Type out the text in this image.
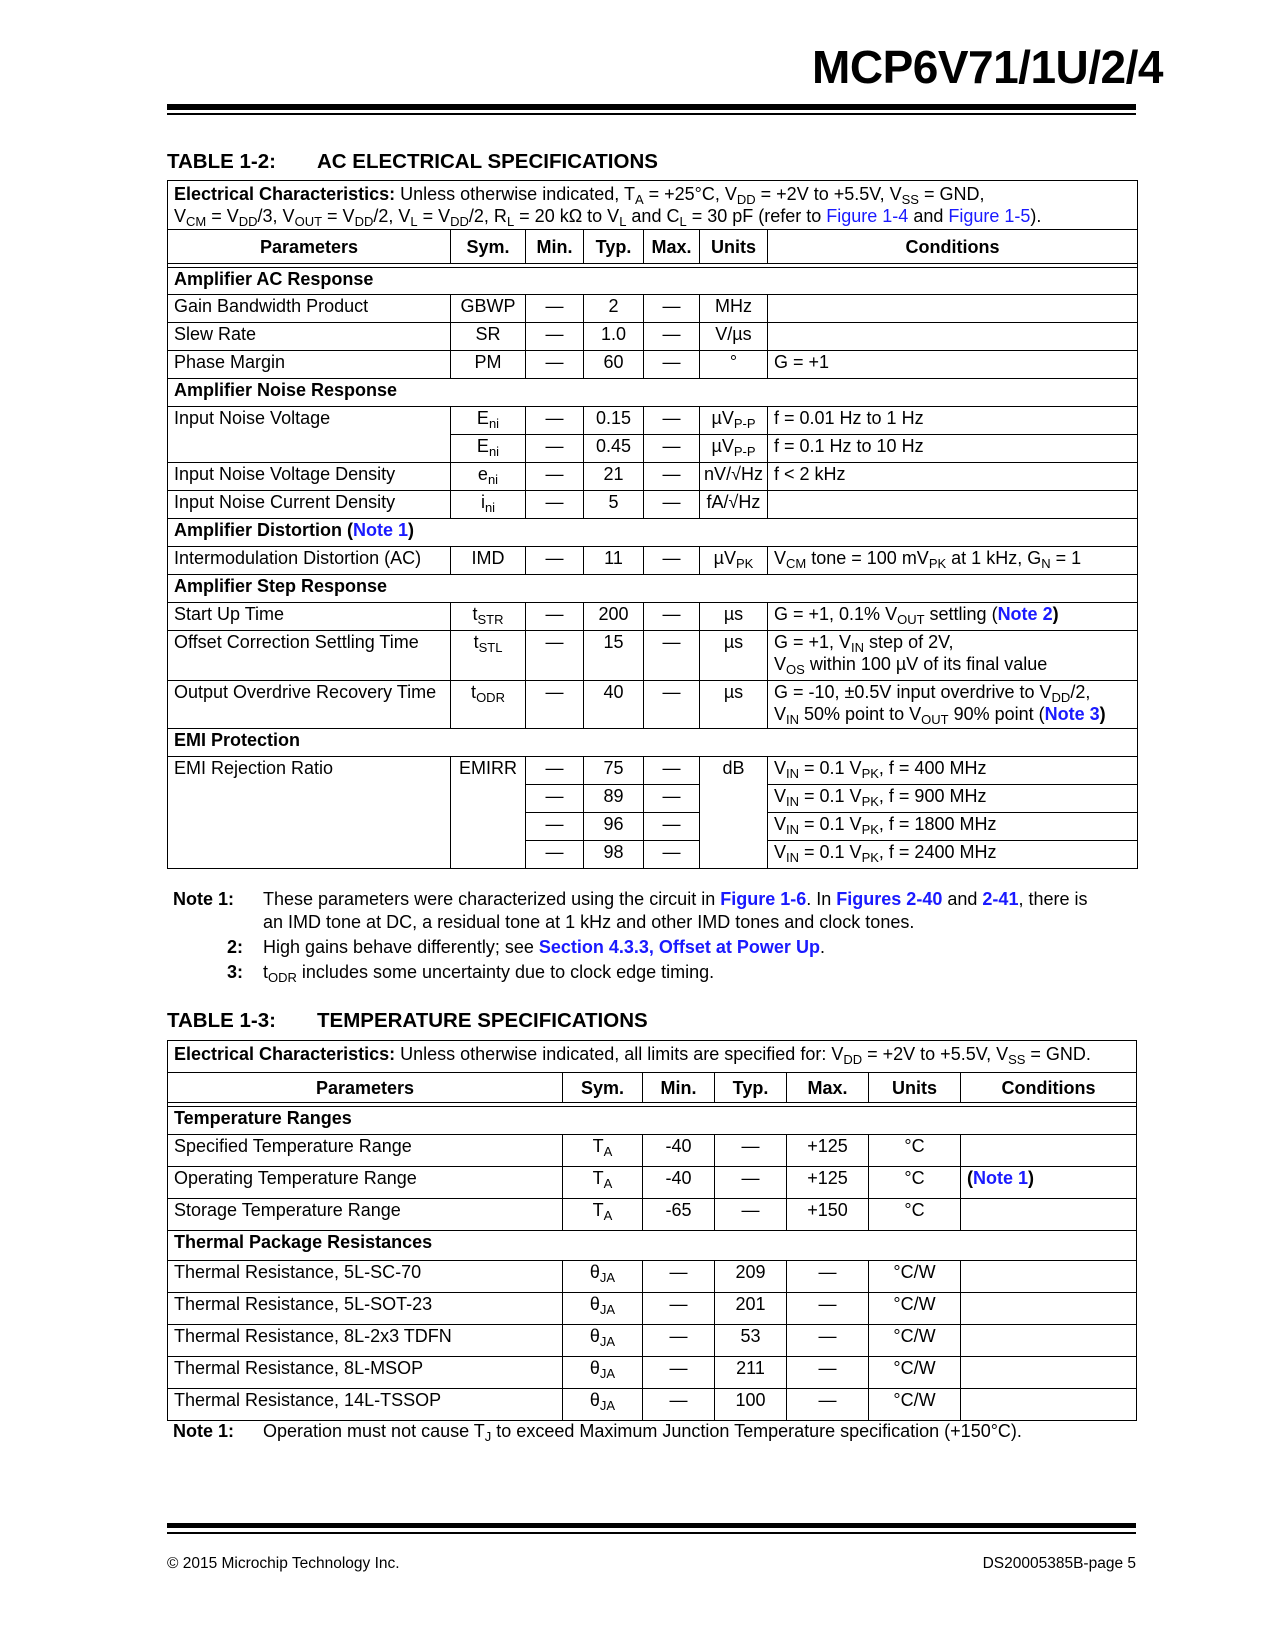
MCP6V71/1U/2/4
TABLE 1-2: AC ELECTRICAL SPECIFICATIONS
Electrical Characteristics: Unless otherwise indicated, $T_A = +25^\circ C$, $V_{DD} = +2V$ to +5.5V, $V_{SS}$ = GND,
$V_{CM} = V_{DD}/3$, $V_{OUT} = V_{DD}/2$, $V_L = V_{DD}/2$, $R_L = 20$ kΩ to $V_L$ and $C_L = 30$ pF (refer to Figure 1-4 and Figure 1-5).						
Parameters	Sym.	Min.	Typ.	Max.	Units	Conditions

Amplifier AC Response						
Gain Bandwidth Product	GBWP	—	2	—	MHz	
Slew Rate	SR	—	1.0	—	V/µs	
Phase Margin	PM	—	60	—	°	G = +1
Amplifier Noise Response						
Input Noise Voltage	$E_{ni}$	—	0.15	—	µV$_{P-P}$	f = 0.01 Hz to 1 Hz
	$E_{ni}$	—	0.45	—	µV$_{P-P}$	f = 0.1 Hz to 10 Hz
Input Noise Voltage Density	$e_{ni}$	—	21	—	nV/√Hz	f < 2 kHz
Input Noise Current Density	$i_{ni}$	—	5	—	fA/√Hz	
Amplifier Distortion (Note 1)						
Intermodulation Distortion (AC)	IMD	—	11	—	µV$_{PK}$	$V_{CM}$ tone = 100 $mV_{PK}$ at 1 kHz, $G_N = 1$
Amplifier Step Response						
Start Up Time	$t_{STR}$	—	200	—	µs	G = +1, 0.1% $V_{OUT}$ settling (Note 2)
Offset Correction Settling Time	$t_{STL}$	—	15	—	µs	G = +1, $V_{IN}$ step of 2V,
$V_{OS}$ within 100 µV of its final value
Output Overdrive Recovery Time	$t_{ODR}$	—	40	—	µs	G = -10, ±0.5V input overdrive to $V_{DD}/2$,
$V_{IN}$ 50% point to $V_{OUT}$ 90% point (Note 3)
EMI Protection						
EMI Rejection Ratio	EMIRR	—	75	—	dB	$V_{IN} = 0.1$ $V_{PK}$, f = 400 MHz
		—	89	—		$V_{IN} = 0.1$ $V_{PK}$, f = 900 MHz
		—	96	—		$V_{IN} = 0.1$ $V_{PK}$, f = 1800 MHz
		—	98	—		$V_{IN} = 0.1$ $V_{PK}$, f = 2400 MHz
Note 1:	These parameters were characterized using the circuit in Figure 1-6. In Figures 2-40 and 2-41, there is an IMD tone at DC, a residual tone at 1 kHz and other IMD tones and clock tones.
2:	High gains behave differently; see Section 4.3.3, Offset at Power Up.
3:	$t_{ODR}$ includes some uncertainty due to clock edge timing.
TABLE 1-3: TEMPERATURE SPECIFICATIONS
Electrical Characteristics: Unless otherwise indicated, all limits are specified for: $V_{DD} = +2V$ to +5.5V, $V_{SS}$ = GND.						
Parameters	Sym.	Min.	Typ.	Max.	Units	Conditions

Temperature Ranges						
Specified Temperature Range	$T_A$	-40	—	+125	°C	
Operating Temperature Range	$T_A$	-40	—	+125	°C	(Note 1)
Storage Temperature Range	$T_A$	-65	—	+150	°C	
Thermal Package Resistances						
Thermal Resistance, 5L-SC-70	$\theta_{JA}$	—	209	—	°C/W	
Thermal Resistance, 5L-SOT-23	$\theta_{JA}$	—	201	—	°C/W	
Thermal Resistance, 8L-2x3 TDFN	$\theta_{JA}$	—	53	—	°C/W	
Thermal Resistance, 8L-MSOP	$\theta_{JA}$	—	211	—	°C/W	
Thermal Resistance, 14L-TSSOP	$\theta_{JA}$	—	100	—	°C/W	
Note 1:	Operation must not cause $T_J$ to exceed Maximum Junction Temperature specification (+150°C).
© 2015 Microchip Technology Inc.	DS20005385B-page 5
